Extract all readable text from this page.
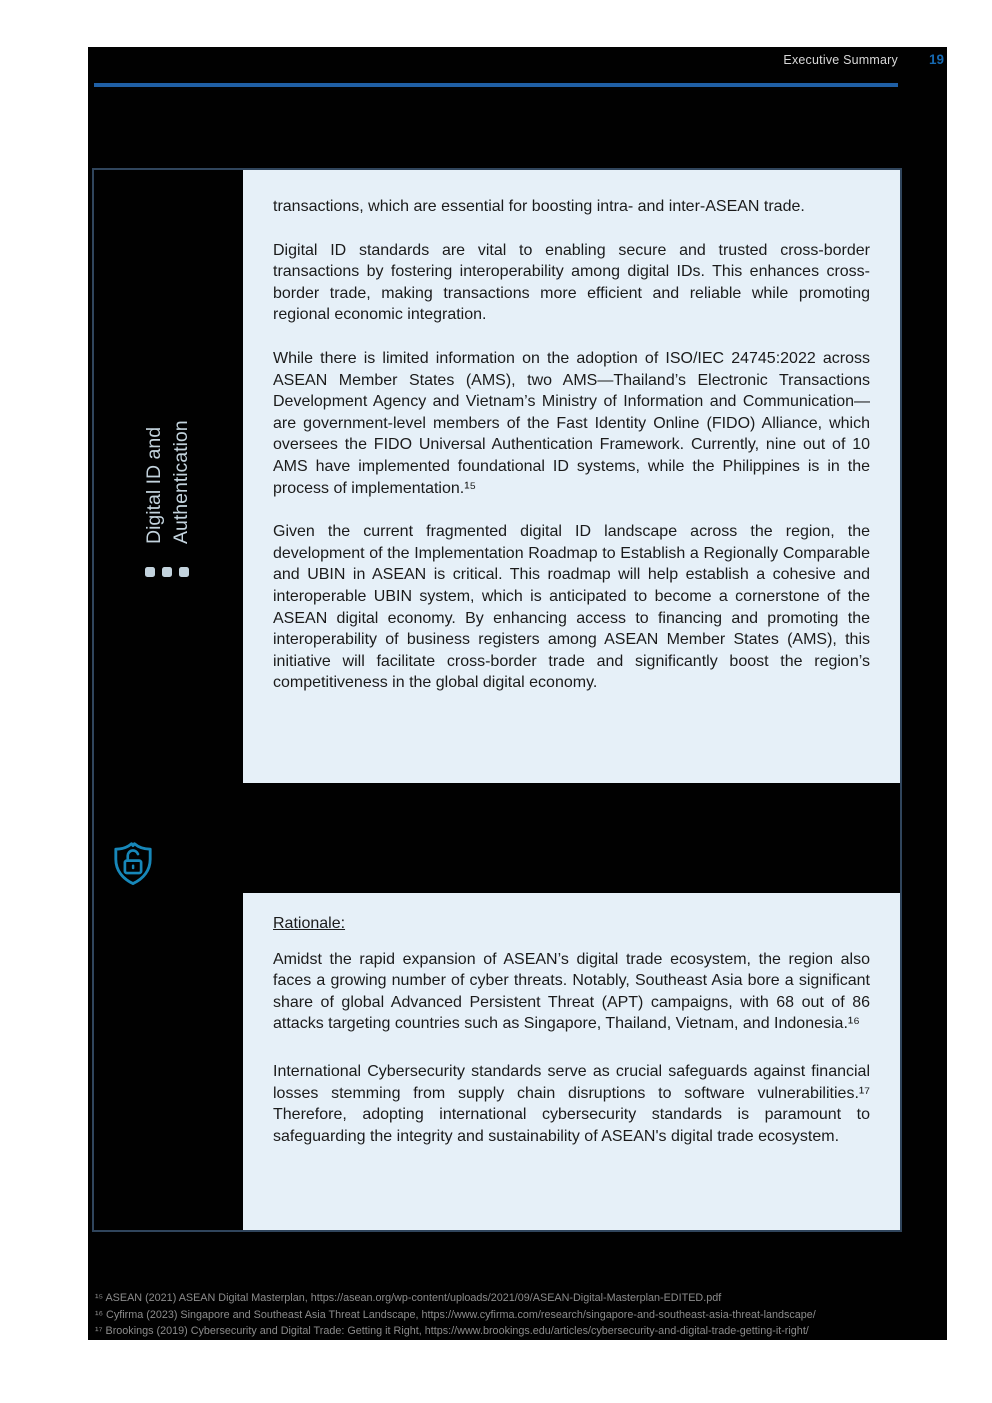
Executive Summary 19
Digital ID and Authentication

transactions, which are essential for boosting intra- and inter-ASEAN trade.

Digital ID standards are vital to enabling secure and trusted cross-border transactions by fostering interoperability among digital IDs. This enhances cross-border trade, making transactions more efficient and reliable while promoting regional economic integration.

While there is limited information on the adoption of ISO/IEC 24745:2022 across ASEAN Member States (AMS), two AMS—Thailand’s Electronic Transactions Development Agency and Vietnam’s Ministry of Information and Communication—are government-level members of the Fast Identity Online (FIDO) Alliance, which oversees the FIDO Universal Authentication Framework. Currently, nine out of 10 AMS have implemented foundational ID systems, while the Philippines is in the process of implementation.¹⁵

Given the current fragmented digital ID landscape across the region, the development of the Implementation Roadmap to Establish a Regionally Comparable and UBIN in ASEAN is critical. This roadmap will help establish a cohesive and interoperable UBIN system, which is anticipated to become a cornerstone of the ASEAN digital economy. By enhancing access to financing and promoting the interoperability of business registers among ASEAN Member States (AMS), this initiative will facilitate cross-border trade and significantly boost the region’s competitiveness in the global digital economy.

Rationale:

Amidst the rapid expansion of ASEAN’s digital trade ecosystem, the region also faces a growing number of cyber threats. Notably, Southeast Asia bore a significant share of global Advanced Persistent Threat (APT) campaigns, with 68 out of 86 attacks targeting countries such as Singapore, Thailand, Vietnam, and Indonesia.¹⁶

International Cybersecurity standards serve as crucial safeguards against financial losses stemming from supply chain disruptions to software vulnerabilities.¹⁷ Therefore, adopting international cybersecurity standards is paramount to safeguarding the integrity and sustainability of ASEAN's digital trade ecosystem.

¹⁵ ASEAN (2021) ASEAN Digital Masterplan, https://asean.org/wp-content/uploads/2021/09/ASEAN-Digital-Masterplan-EDITED.pdf

¹⁶ Cyfirma (2023) Singapore and Southeast Asia Threat Landscape, https://www.cyfirma.com/research/singapore-and-southeast-asia-threat-landscape/

¹⁷ Brookings (2019) Cybersecurity and Digital Trade: Getting it Right, https://www.brookings.edu/articles/cybersecurity-and-digital-trade-getting-it-right/
